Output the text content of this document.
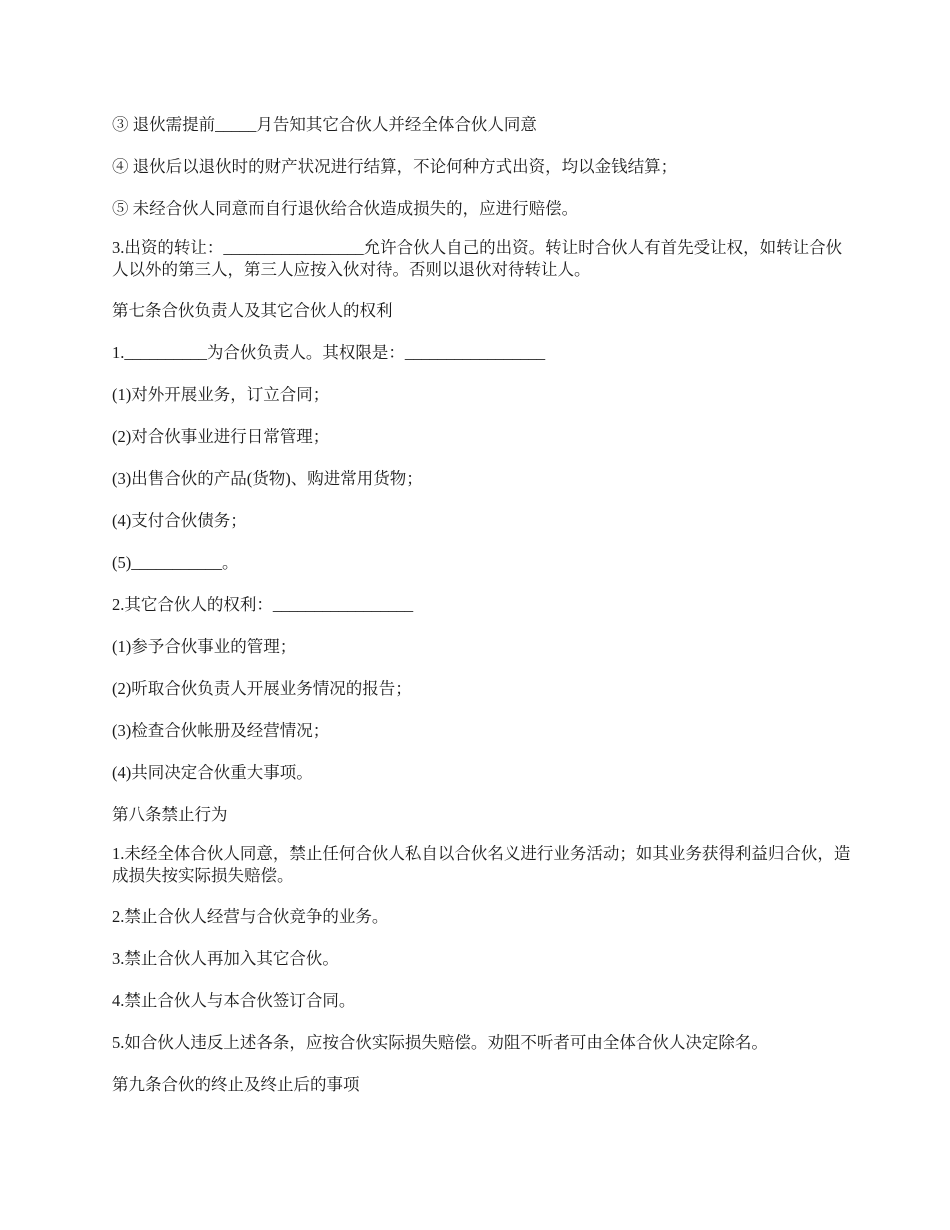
③ 退伙需提前_____月告知其它合伙人并经全体合伙人同意

④ 退伙后以退伙时的财产状况进行结算，不论何种方式出资，均以金钱结算；

⑤ 未经合伙人同意而自行退伙给合伙造成损失的，应进行赔偿。

3.出资的转让：_________________允许合伙人自己的出资。转让时合伙人有首先受让权，如转让合伙人以外的第三人，第三人应按入伙对待。否则以退伙对待转让人。

第七条合伙负责人及其它合伙人的权利

1.__________为合伙负责人。其权限是：_________________

(1)对外开展业务，订立合同；

(2)对合伙事业进行日常管理；

(3)出售合伙的产品(货物)、购进常用货物；

(4)支付合伙债务；

(5)___________。

2.其它合伙人的权利：_________________

(1)参予合伙事业的管理；

(2)听取合伙负责人开展业务情况的报告；

(3)检查合伙帐册及经营情况；

(4)共同决定合伙重大事项。

第八条禁止行为

1.未经全体合伙人同意，禁止任何合伙人私自以合伙名义进行业务活动；如其业务获得利益归合伙，造成损失按实际损失赔偿。

2.禁止合伙人经营与合伙竞争的业务。

3.禁止合伙人再加入其它合伙。

4.禁止合伙人与本合伙签订合同。

5.如合伙人违反上述各条，应按合伙实际损失赔偿。劝阻不听者可由全体合伙人决定除名。

第九条合伙的终止及终止后的事项
